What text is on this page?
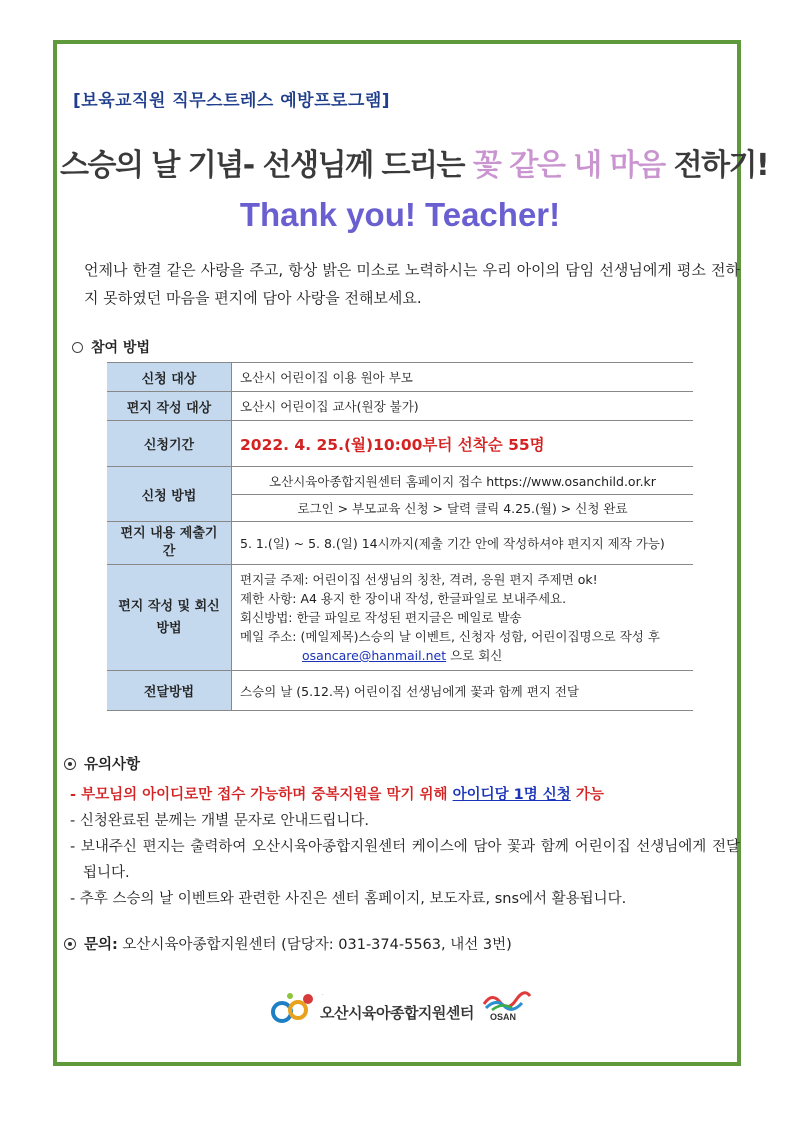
[보육교직원 직무스트레스 예방프로그램]
스승의 날 기념- 선생님께 드리는 꽃 같은 내 마음 전하기!
Thank you! Teacher!
언제나 한결 같은 사랑을 주고, 항상 밝은 미소로 노력하시는 우리 아이의 담임 선생님에게 평소 전하지 못하였던 마음을 편지에 담아 사랑을 전해보세요.
참여 방법
신청 대상	오산시 어린이집 이용 원아 부모
편지 작성 대상	오산시 어린이집 교사(원장 불가)
신청기간	2022. 4. 25.(월)10:00부터 선착순 55명
신청 방법	오산시육아종합지원센터 홈페이지 접수 https://www.osanchild.or.kr
	로그인 > 부모교육 신청 > 달력 클릭 4.25.(월) > 신청 완료
편지 내용 제출기간	5. 1.(일) ~ 5. 8.(일) 14시까지(제출 기간 안에 작성하셔야 편지지 제작 가능)
편지 작성 및 회신방법	편지글 주제: 어린이집 선생님의 칭찬, 격려, 응원 편지 주제면 ok!
제한 사항: A4 용지 한 장이내 작성, 한글파일로 보내주세요.
회신방법: 한글 파일로 작성된 편지글은 메일로 발송
메일 주소: (메일제목)스승의 날 이벤트, 신청자 성함, 어린이집명으로 작성 후
osancare@hanmail.net 으로 회신

전달방법	스승의 날 (5.12.목) 어린이집 선생님에게 꽃과 함께 편지 전달
유의사항

- 부모님의 아이디로만 접수 가능하며 중복지원을 막기 위해 아이디당 1명 신청 가능

- 신청완료된 분께는 개별 문자로 안내드립니다.

- 보내주신 편지는 출력하여 오산시육아종합지원센터 케이스에 담아 꽃과 함께 어린이집 선생님에게 전달됩니다.

- 추후 스승의 날 이벤트와 관련한 사진은 센터 홈페이지, 보도자료, sns에서 활용됩니다.

문의: 오산시육아종합지원센터 (담당자: 031-374-5563, 내선 3번)
·
오산시육아종합지원센터 OSAN
